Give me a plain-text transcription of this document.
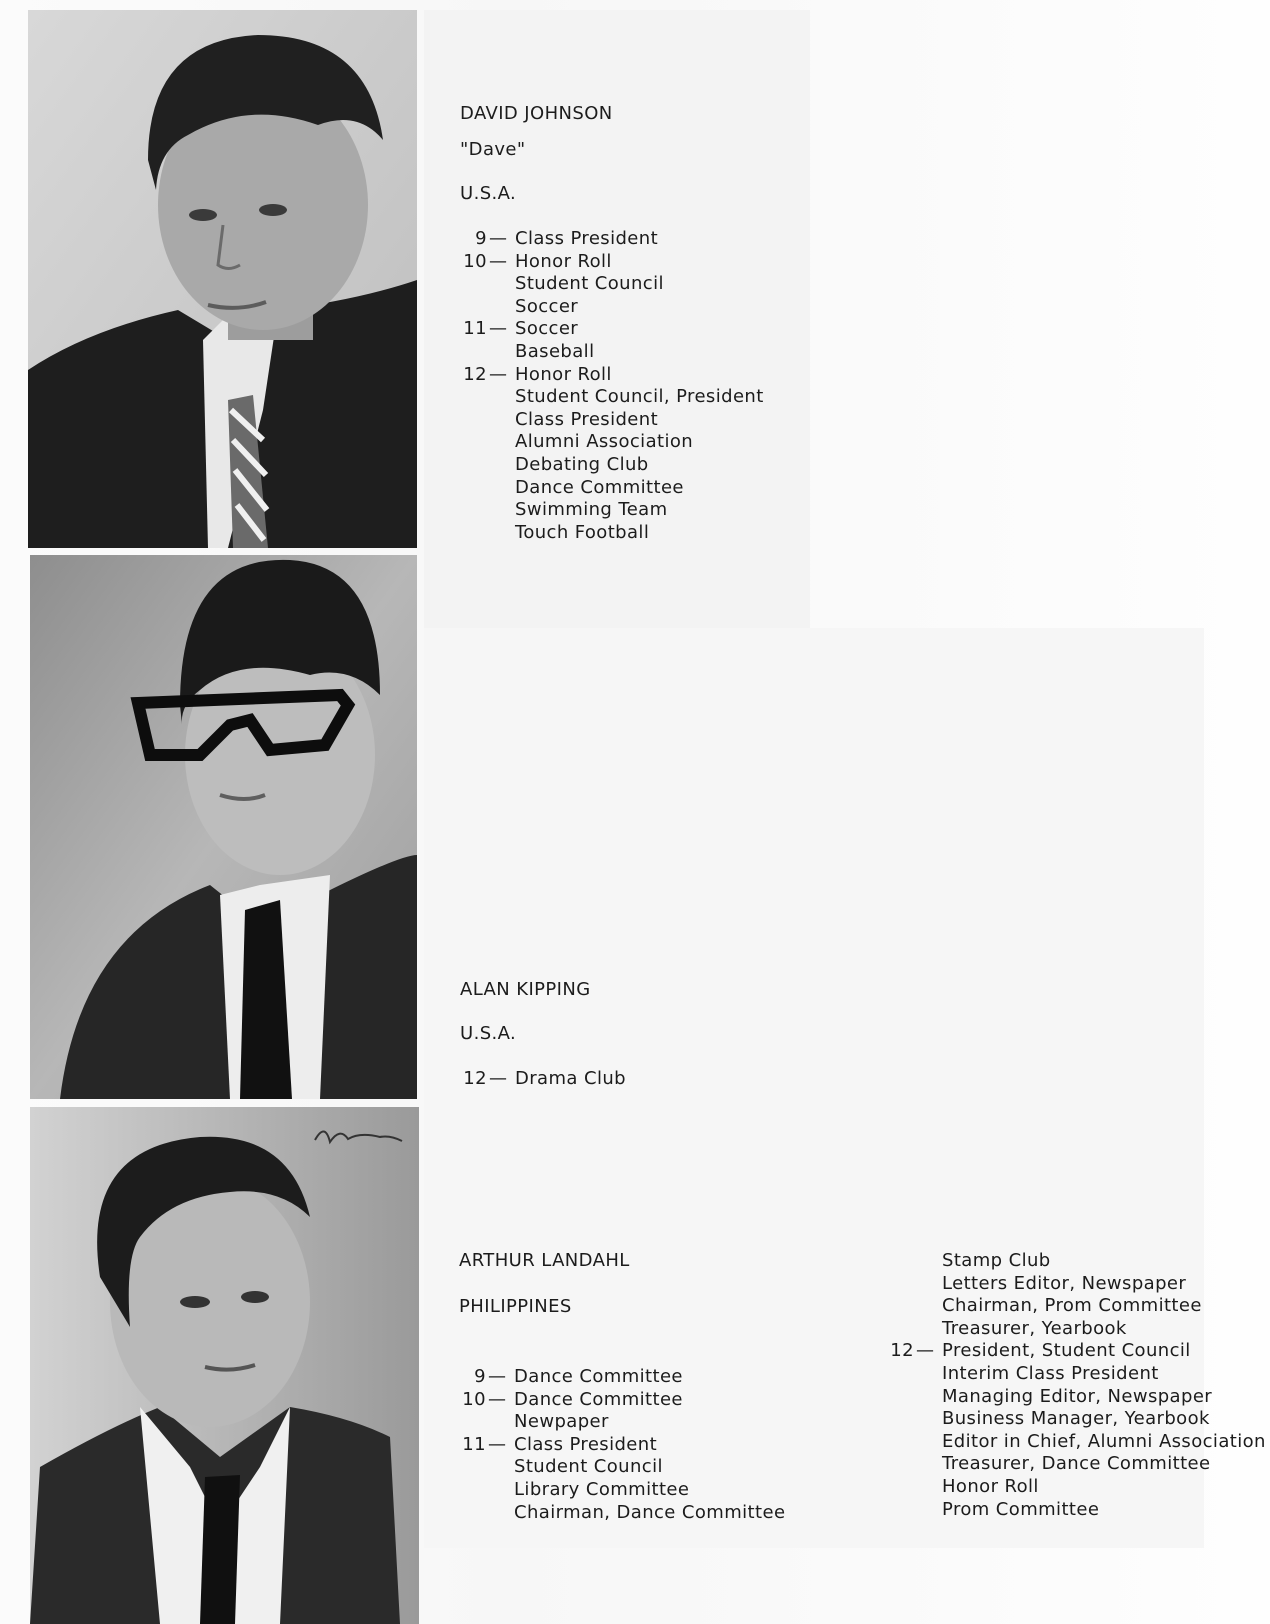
DAVID JOHNSON
"Dave"
U.S.A.
9 — Class President
10 — Honor Roll
Student Council
Soccer
11 — Soccer
Baseball
12 — Honor Roll
Student Council, President
Class President
Alumni Association
Debating Club
Dance Committee
Swimming Team
Touch Football
ALAN KIPPING
U.S.A.
12 — Drama Club
ARTHUR LANDAHL
PHILIPPINES
9 — Dance Committee
10 — Dance Committee
Newpaper
11 — Class President
Student Council
Library Committee
Chairman, Dance Committee
Stamp Club
Letters Editor, Newspaper
Chairman, Prom Committee
Treasurer, Yearbook
12 — President, Student Council
Interim Class President
Managing Editor, Newspaper
Business Manager, Yearbook
Editor in Chief, Alumni Association
Treasurer, Dance Committee
Honor Roll
Prom Committee
